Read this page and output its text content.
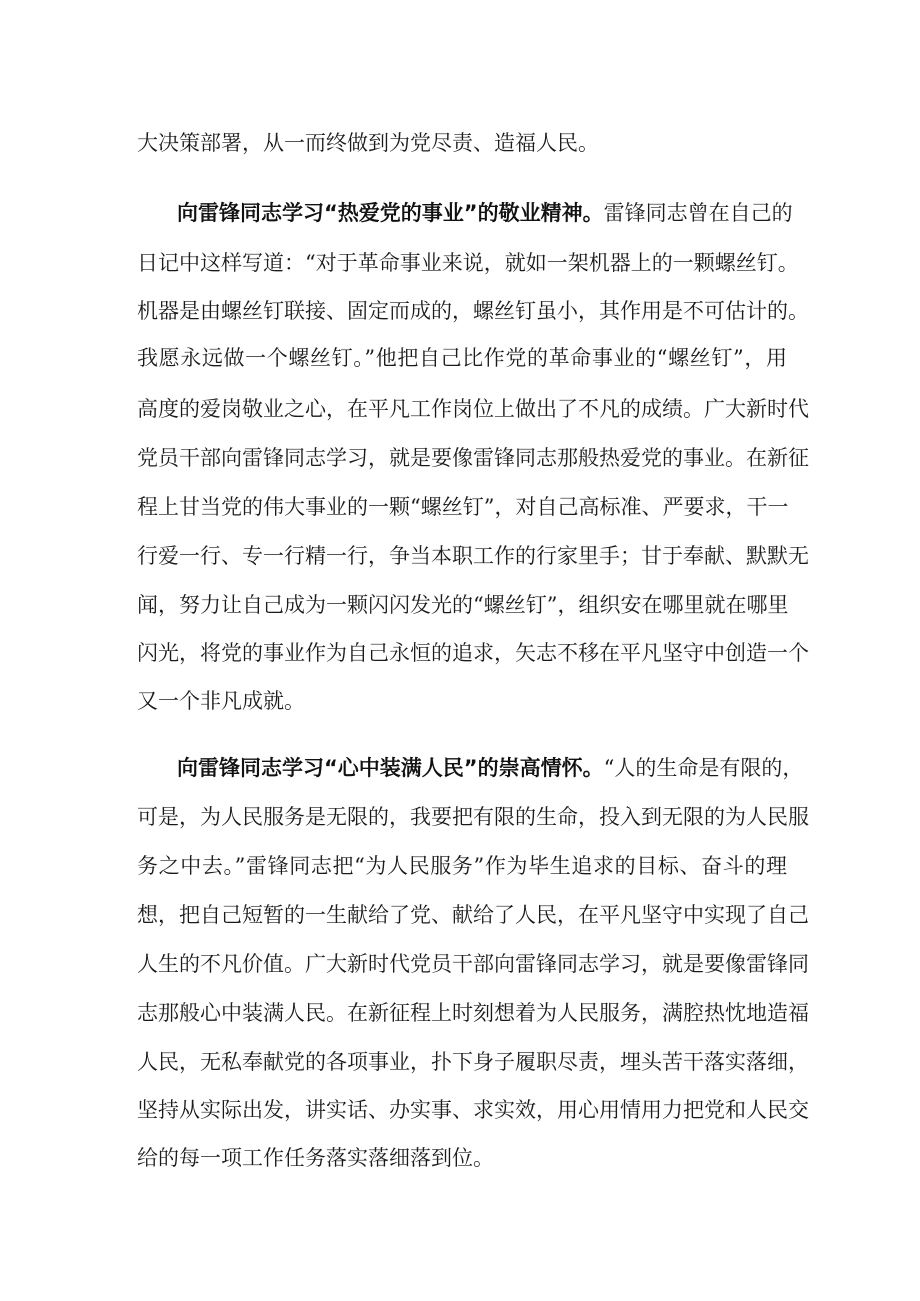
大决策部署，从一而终做到为党尽责、造福人民。
向雷锋同志学习“热爱党的事业”的敬业精神。雷锋同志曾在自己的
日记中这样写道：“对于革命事业来说，就如一架机器上的一颗螺丝钉。
机器是由螺丝钉联接、固定而成的，螺丝钉虽小，其作用是不可估计的。
我愿永远做一个螺丝钉。”他把自己比作党的革命事业的“螺丝钉”，用
高度的爱岗敬业之心，在平凡工作岗位上做出了不凡的成绩。广大新时代
党员干部向雷锋同志学习，就是要像雷锋同志那般热爱党的事业。在新征
程上甘当党的伟大事业的一颗“螺丝钉”，对自己高标准、严要求，干一
行爱一行、专一行精一行，争当本职工作的行家里手；甘于奉献、默默无
闻，努力让自己成为一颗闪闪发光的“螺丝钉”，组织安在哪里就在哪里
闪光，将党的事业作为自己永恒的追求，矢志不移在平凡坚守中创造一个
又一个非凡成就。
向雷锋同志学习“心中装满人民”的崇高情怀。“人的生命是有限的，
可是，为人民服务是无限的，我要把有限的生命，投入到无限的为人民服
务之中去。”雷锋同志把“为人民服务”作为毕生追求的目标、奋斗的理
想，把自己短暂的一生献给了党、献给了人民，在平凡坚守中实现了自己
人生的不凡价值。广大新时代党员干部向雷锋同志学习，就是要像雷锋同
志那般心中装满人民。在新征程上时刻想着为人民服务，满腔热忱地造福
人民，无私奉献党的各项事业，扑下身子履职尽责，埋头苦干落实落细，
坚持从实际出发，讲实话、办实事、求实效，用心用情用力把党和人民交
给的每一项工作任务落实落细落到位。
